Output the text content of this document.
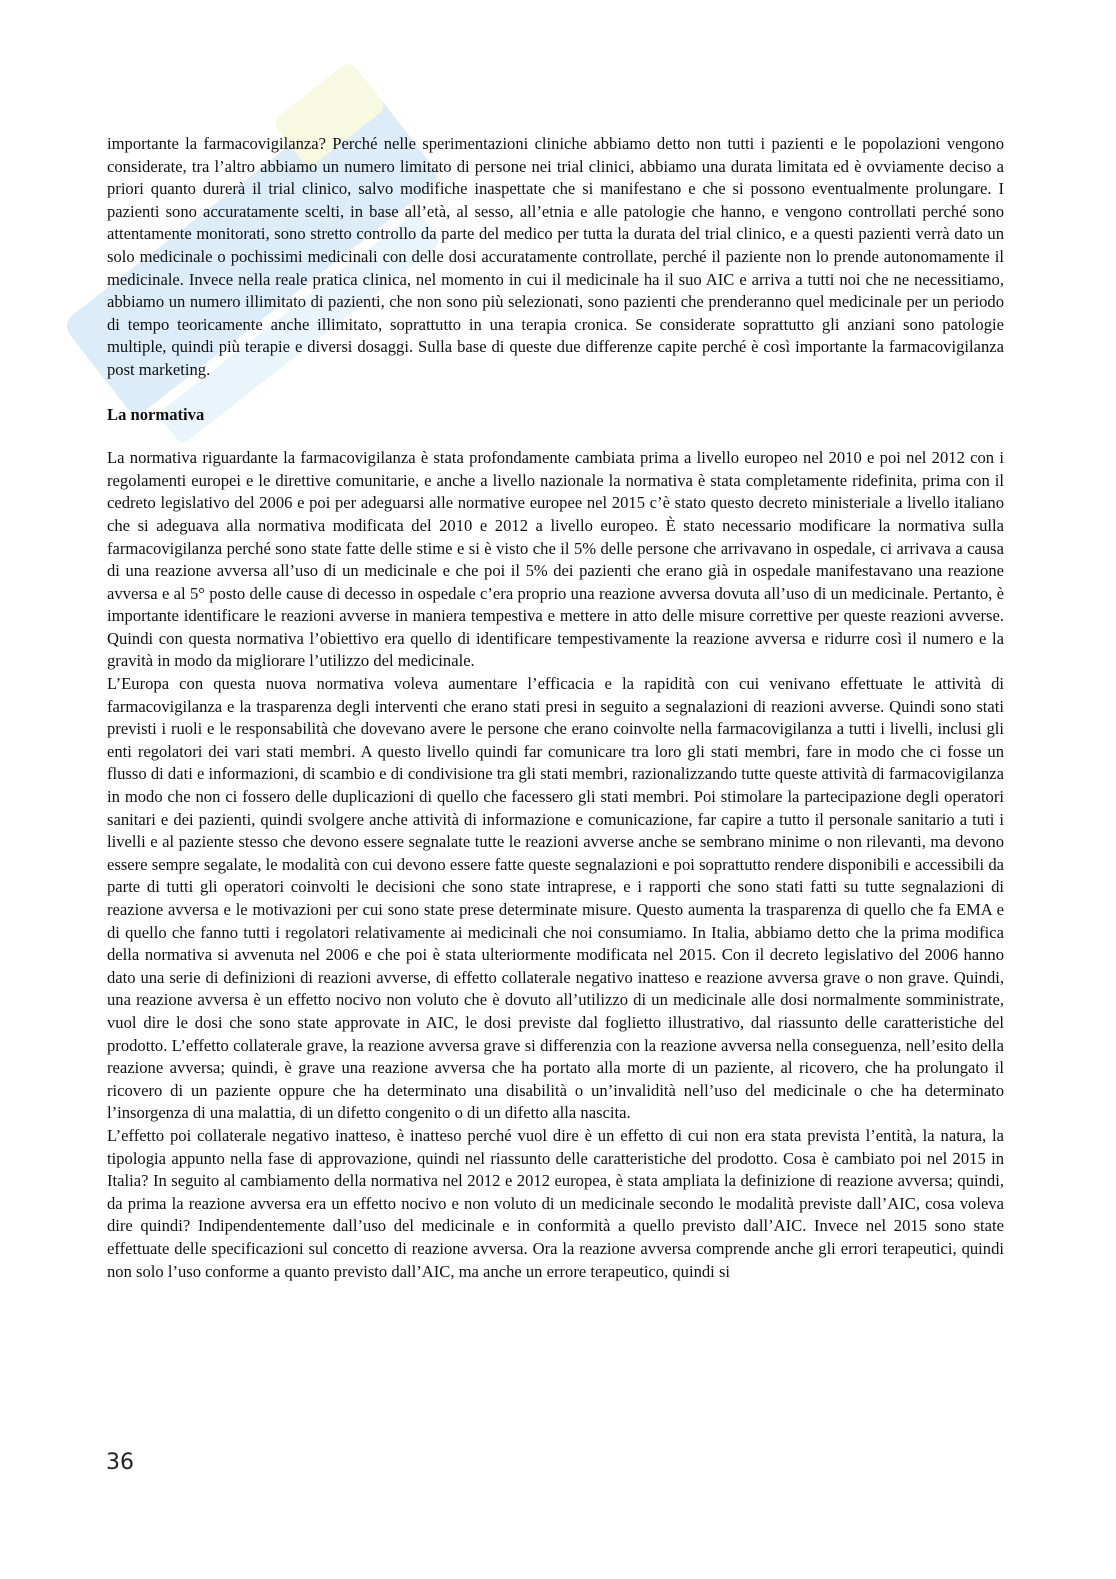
importante la farmacovigilanza? Perché nelle sperimentazioni cliniche abbiamo detto non tutti i pazienti e le popolazioni vengono considerate, tra l’altro abbiamo un numero limitato di persone nei trial clinici, abbiamo una durata limitata ed è ovviamente deciso a priori quanto durerà il trial clinico, salvo modifiche inaspettate che si manifestano e che si possono eventualmente prolungare. I pazienti sono accuratamente scelti, in base all’età, al sesso, all’etnia e alle patologie che hanno, e vengono controllati perché sono attentamente monitorati, sono stretto controllo da parte del medico per tutta la durata del trial clinico, e a questi pazienti verrà dato un solo medicinale o pochissimi medicinali con delle dosi accuratamente controllate, perché il paziente non lo prende autonomamente il medicinale. Invece nella reale pratica clinica, nel momento in cui il medicinale ha il suo AIC e arriva a tutti noi che ne necessitiamo, abbiamo un numero illimitato di pazienti, che non sono più selezionati, sono pazienti che prenderanno quel medicinale per un periodo di tempo teoricamente anche illimitato, soprattutto in una terapia cronica. Se considerate soprattutto gli anziani sono patologie multiple, quindi più terapie e diversi dosaggi. Sulla base di queste due differenze capite perché è così importante la farmacovigilanza post marketing.

La normativa

La normativa riguardante la farmacovigilanza è stata profondamente cambiata prima a livello europeo nel 2010 e poi nel 2012 con i regolamenti europei e le direttive comunitarie, e anche a livello nazionale la normativa è stata completamente ridefinita, prima con il cedreto legislativo del 2006 e poi per adeguarsi alle normative europee nel 2015 c’è stato questo decreto ministeriale a livello italiano che si adeguava alla normativa modificata del 2010 e 2012 a livello europeo. È stato necessario modificare la normativa sulla farmacovigilanza perché sono state fatte delle stime e si è visto che il 5% delle persone che arrivavano in ospedale, ci arrivava a causa di una reazione avversa all’uso di un medicinale e che poi il 5% dei pazienti che erano già in ospedale manifestavano una reazione avversa e al 5° posto delle cause di decesso in ospedale c’era proprio una reazione avversa dovuta all’uso di un medicinale. Pertanto, è importante identificare le reazioni avverse in maniera tempestiva e mettere in atto delle misure correttive per queste reazioni avverse. Quindi con questa normativa l’obiettivo era quello di identificare tempestivamente la reazione avversa e ridurre così il numero e la gravità in modo da migliorare l’utilizzo del medicinale.

L’Europa con questa nuova normativa voleva aumentare l’efficacia e la rapidità con cui venivano effettuate le attività di farmacovigilanza e la trasparenza degli interventi che erano stati presi in seguito a segnalazioni di reazioni avverse. Quindi sono stati previsti i ruoli e le responsabilità che dovevano avere le persone che erano coinvolte nella farmacovigilanza a tutti i livelli, inclusi gli enti regolatori dei vari stati membri. A questo livello quindi far comunicare tra loro gli stati membri, fare in modo che ci fosse un flusso di dati e informazioni, di scambio e di condivisione tra gli stati membri, razionalizzando tutte queste attività di farmacovigilanza in modo che non ci fossero delle duplicazioni di quello che facessero gli stati membri. Poi stimolare la partecipazione degli operatori sanitari e dei pazienti, quindi svolgere anche attività di informazione e comunicazione, far capire a tutto il personale sanitario a tuti i livelli e al paziente stesso che devono essere segnalate tutte le reazioni avverse anche se sembrano minime o non rilevanti, ma devono essere sempre segalate, le modalità con cui devono essere fatte queste segnalazioni e poi soprattutto rendere disponibili e accessibili da parte di tutti gli operatori coinvolti le decisioni che sono state intraprese, e i rapporti che sono stati fatti su tutte segnalazioni di reazione avversa e le motivazioni per cui sono state prese determinate misure. Questo aumenta la trasparenza di quello che fa EMA e di quello che fanno tutti i regolatori relativamente ai medicinali che noi consumiamo. In Italia, abbiamo detto che la prima modifica della normativa si avvenuta nel 2006 e che poi è stata ulteriormente modificata nel 2015. Con il decreto legislativo del 2006 hanno dato una serie di definizioni di reazioni avverse, di effetto collaterale negativo inatteso e reazione avversa grave o non grave. Quindi, una reazione avversa è un effetto nocivo non voluto che è dovuto all’utilizzo di un medicinale alle dosi normalmente somministrate, vuol dire le dosi che sono state approvate in AIC, le dosi previste dal foglietto illustrativo, dal riassunto delle caratteristiche del prodotto. L’effetto collaterale grave, la reazione avversa grave si differenzia con la reazione avversa nella conseguenza, nell’esito della reazione avversa; quindi, è grave una reazione avversa che ha portato alla morte di un paziente, al ricovero, che ha prolungato il ricovero di un paziente oppure che ha determinato una disabilità o un’invalidità nell’uso del medicinale o che ha determinato l’insorgenza di una malattia, di un difetto congenito o di un difetto alla nascita.

L’effetto poi collaterale negativo inatteso, è inatteso perché vuol dire è un effetto di cui non era stata prevista l’entità, la natura, la tipologia appunto nella fase di approvazione, quindi nel riassunto delle caratteristiche del prodotto. Cosa è cambiato poi nel 2015 in Italia? In seguito al cambiamento della normativa nel 2012 e 2012 europea, è stata ampliata la definizione di reazione avversa; quindi, da prima la reazione avversa era un effetto nocivo e non voluto di un medicinale secondo le modalità previste dall’AIC, cosa voleva dire quindi? Indipendentemente dall’uso del medicinale e in conformità a quello previsto dall’AIC. Invece nel 2015 sono state effettuate delle specificazioni sul concetto di reazione avversa. Ora la reazione avversa comprende anche gli errori terapeutici, quindi non solo l’uso conforme a quanto previsto dall’AIC, ma anche un errore terapeutico, quindi si

36
